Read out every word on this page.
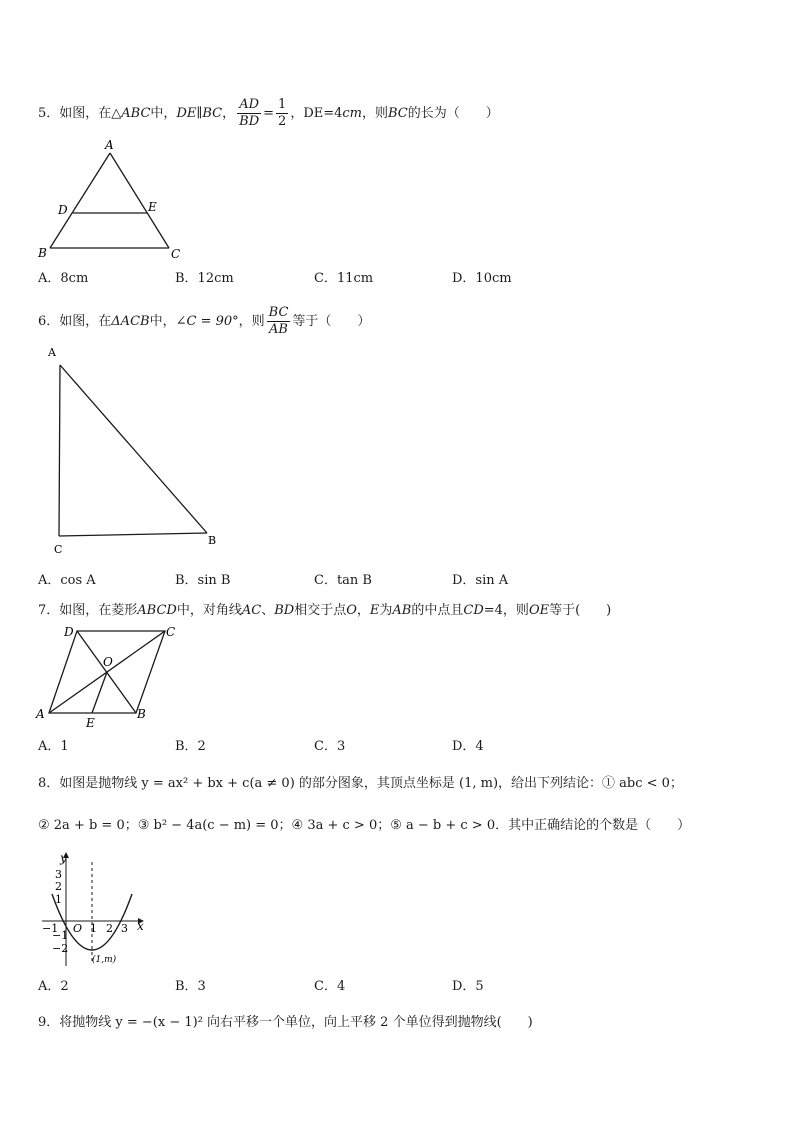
5．如图，在△ABC中，DE∥BC， $\frac{AD}{BD} = \frac{1}{2}$ ，DE=4cm，则BC的长为（　　）
A
B	C
D	E
A．8cm	B．12cm	C．11cm	D．10cm
6．如图，在ΔACB中，∠C = 90°，则 $\frac{BC}{AB}$ 等于（　　）
A
C
B
A．cos A	B．sin B	C．tan B	D．sin A
7．如图，在菱形ABCD中，对角线AC、BD相交于点O，E为AB的中点且CD=4，则OE等于(　　)
A	B
C
D
O
E
A．1	B．2	C．3	D．4
8．如图是抛物线 y = ax² + bx + c(a ≠ 0) 的部分图象，其顶点坐标是 (1, m)，给出下列结论：① abc < 0；
② 2a + b = 0；③ b² − 4a(c − m) = 0；④ 3a + c > 0；⑤ a − b + c > 0．其中正确结论的个数是（　　）
y
x
O
3
2
1
−1
−2
−1	1 2 3
(1,m)
A．2	B．3	C．4	D．5
9．将抛物线 y = −(x − 1)² 向右平移一个单位，向上平移 2 个单位得到抛物线(　　)
